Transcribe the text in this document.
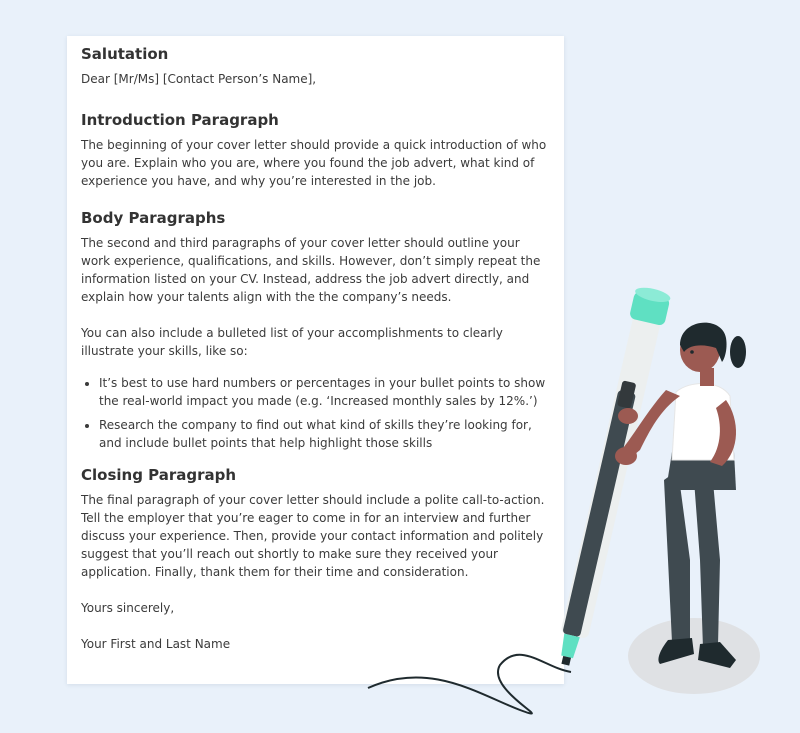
Salutation

Dear [Mr/Ms] [Contact Person’s Name],

Introduction Paragraph

The beginning of your cover letter should provide a quick introduction of who you are. Explain who you are, where you found the job advert, what kind of experience you have, and why you’re interested in the job.

Body Paragraphs

The second and third paragraphs of your cover letter should outline your work experience, qualifications, and skills. However, don’t simply repeat the information listed on your CV. Instead, address the job advert directly, and explain how your talents align with the the company’s needs.

You can also include a bulleted list of your accomplishments to clearly illustrate your skills, like so:

• It’s best to use hard numbers or percentages in your bullet points to show the real-world impact you made (e.g. ‘Increased monthly sales by 12%.’)
• Research the company to find out what kind of skills they’re looking for, and include bullet points that help highlight those skills
Closing Paragraph

The final paragraph of your cover letter should include a polite call-to-action. Tell the employer that you’re eager to come in for an interview and further discuss your experience. Then, provide your contact information and politely suggest that you’ll reach out shortly to make sure they received your application. Finally, thank them for their time and consideration.

Yours sincerely,

Your First and Last Name
